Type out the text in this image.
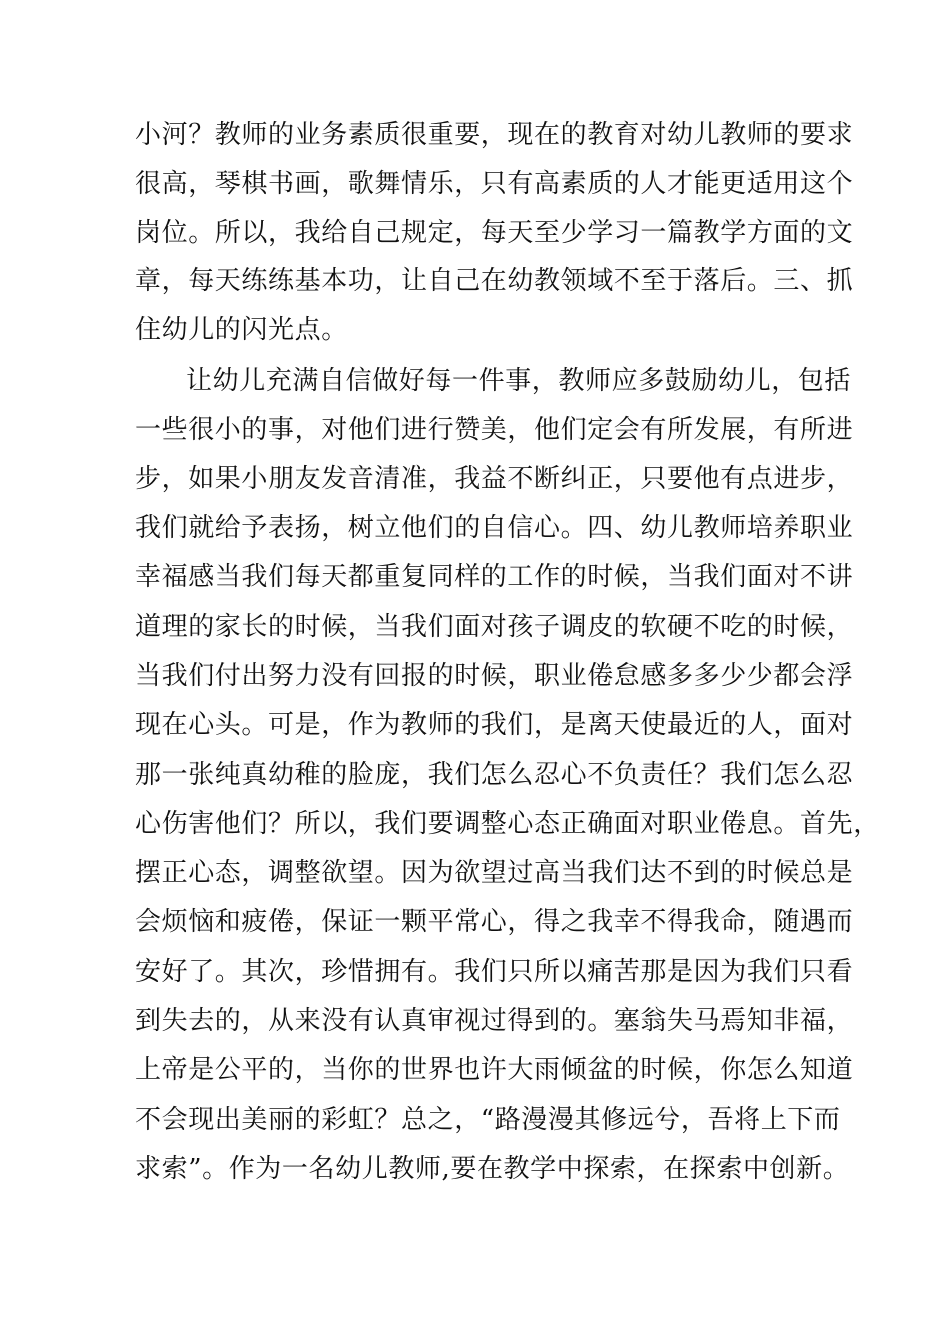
小河？教师的业务素质很重要，现在的教育对幼儿教师的要求
很高，琴棋书画，歌舞情乐，只有高素质的人才能更适用这个
岗位。所以，我给自己规定，每天至少学习一篇教学方面的文
章，每天练练基本功，让自己在幼教领域不至于落后。三、抓
住幼儿的闪光点。
让幼儿充满自信做好每一件事，教师应多鼓励幼儿，包括
一些很小的事，对他们进行赞美，他们定会有所发展，有所进
步，如果小朋友发音清准，我益不断纠正，只要他有点进步，
我们就给予表扬，树立他们的自信心。四、幼儿教师培养职业
幸福感当我们每天都重复同样的工作的时候，当我们面对不讲
道理的家长的时候，当我们面对孩子调皮的软硬不吃的时候，
当我们付出努力没有回报的时候，职业倦怠感多多少少都会浮
现在心头。可是，作为教师的我们，是离天使最近的人，面对
那一张纯真幼稚的脸庞，我们怎么忍心不负责任？我们怎么忍
心伤害他们？所以，我们要调整心态正确面对职业倦息。首先，
摆正心态，调整欲望。因为欲望过高当我们达不到的时候总是
会烦恼和疲倦，保证一颗平常心，得之我幸不得我命，随遇而
安好了。其次，珍惜拥有。我们只所以痛苦那是因为我们只看
到失去的，从来没有认真审视过得到的。塞翁失马焉知非福，
上帝是公平的，当你的世界也许大雨倾盆的时候，你怎么知道
不会现出美丽的彩虹？总之，“路漫漫其修远兮，吾将上下而
求索”。作为一名幼儿教师,要在教学中探索，在探索中创新。
